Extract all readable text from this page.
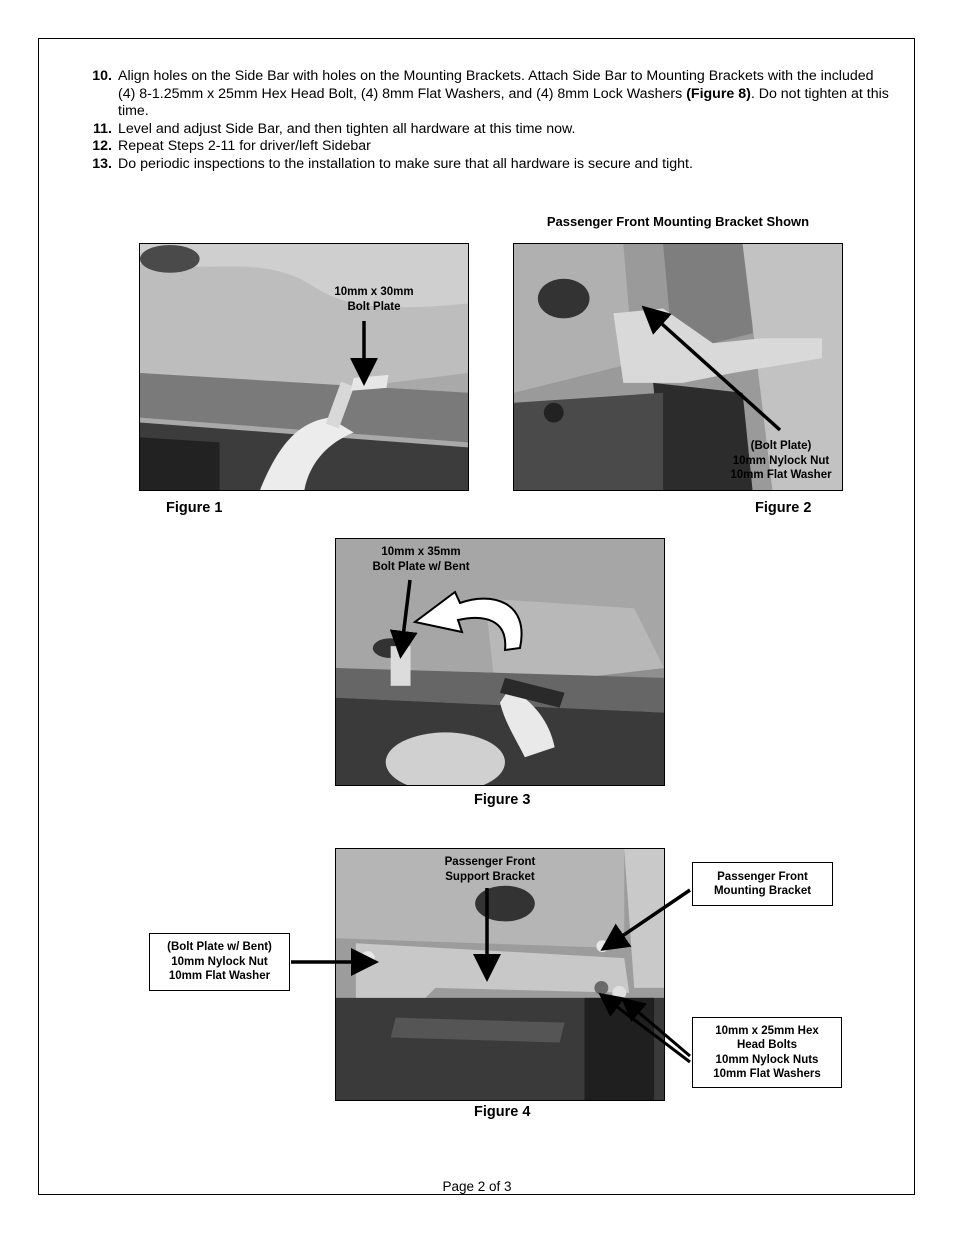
10. Align holes on the Side Bar with holes on the Mounting Brackets. Attach Side Bar to Mounting Brackets with the included (4) 8-1.25mm x 25mm Hex Head Bolt, (4) 8mm Flat Washers, and (4) 8mm Lock Washers (Figure 8). Do not tighten at this time.
11. Level and adjust Side Bar, and then tighten all hardware at this time now.
12. Repeat Steps 2-11 for driver/left Sidebar
13. Do periodic inspections to the installation to make sure that all hardware is secure and tight.
Passenger Front Mounting Bracket Shown
10mm x 30mm
Bolt Plate
(Bolt Plate)
10mm Nylock Nut
10mm Flat Washer
Figure 1	Figure 2
10mm x 35mm
Bolt Plate w/ Bent
Figure 3
Passenger Front
Support Bracket	Passenger Front
Mounting Bracket
(Bolt Plate w/ Bent)
10mm Nylock Nut
10mm Flat Washer
10mm x 25mm Hex
Head Bolts
10mm Nylock Nuts
10mm Flat Washers
Figure 4
Page 2 of 3
